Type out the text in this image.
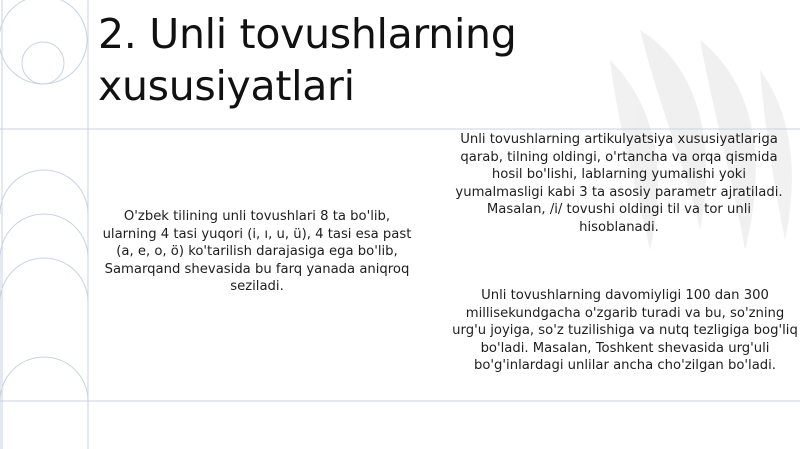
2. Unli tovushlarning xususiyatlari

O'zbek tilining unli tovushlari 8 ta bo'lib, ularning 4 tasi yuqori (i, ı, u, ü), 4 tasi esa past (a, e, o, ö) ko'tarilish darajasiga ega bo'lib, Samarqand shevasida bu farq yanada aniqroq seziladi.

Unli tovushlarning artikulyatsiya xususiyatlariga qarab, tilning oldingi, o'rtancha va orqa qismida hosil bo'lishi, lablarning yumalishi yoki yumalmasligi kabi 3 ta asosiy parametr ajratiladi. Masalan, /i/ tovushi oldingi til va tor unli hisoblanadi.

Unli tovushlarning davomiyligi 100 dan 300 millisekundgacha o'zgarib turadi va bu, so'zning urg'u joyiga, so'z tuzilishiga va nutq tezligiga bog'liq bo'ladi. Masalan, Toshkent shevasida urg'uli bo'g'inlardagi unlilar ancha cho'zilgan bo'ladi.
